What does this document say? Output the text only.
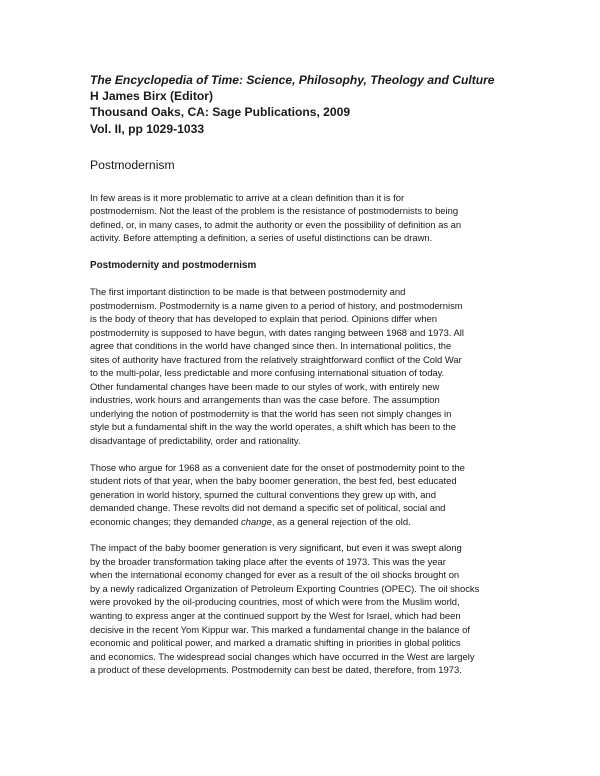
The Encyclopedia of Time: Science, Philosophy, Theology and Culture
H James Birx (Editor)
Thousand Oaks, CA: Sage Publications, 2009
Vol. II, pp 1029-1033
Postmodernism
In few areas is it more problematic to arrive at a clean definition than it is for
postmodernism. Not the least of the problem is the resistance of postmodernists to being
defined, or, in many cases, to admit the authority or even the possibility of definition as an
activity. Before attempting a definition, a series of useful distinctions can be drawn.
Postmodernity and postmodernism
The first important distinction to be made is that between postmodernity and
postmodernism. Postmodernity is a name given to a period of history, and postmodernism
is the body of theory that has developed to explain that period. Opinions differ when
postmodernity is supposed to have begun, with dates ranging between 1968 and 1973. All
agree that conditions in the world have changed since then. In international politics, the
sites of authority have fractured from the relatively straightforward conflict of the Cold War
to the multi-polar, less predictable and more confusing international situation of today.
Other fundamental changes have been made to our styles of work, with entirely new
industries, work hours and arrangements than was the case before. The assumption
underlying the notion of postmodernity is that the world has seen not simply changes in
style but a fundamental shift in the way the world operates, a shift which has been to the
disadvantage of predictability, order and rationality.
Those who argue for 1968 as a convenient date for the onset of postmodernity point to the
student riots of that year, when the baby boomer generation, the best fed, best educated
generation in world history, spurned the cultural conventions they grew up with, and
demanded change. These revolts did not demand a specific set of political, social and
economic changes; they demanded change, as a general rejection of the old.
The impact of the baby boomer generation is very significant, but even it was swept along
by the broader transformation taking place after the events of 1973. This was the year
when the international economy changed for ever as a result of the oil shocks brought on
by a newly radicalized Organization of Petroleum Exporting Countries (OPEC). The oil shocks
were provoked by the oil-producing countries, most of which were from the Muslim world,
wanting to express anger at the continued support by the West for Israel, which had been
decisive in the recent Yom Kippur war. This marked a fundamental change in the balance of
economic and political power, and marked a dramatic shifting in priorities in global politics
and economics. The widespread social changes which have occurred in the West are largely
a product of these developments. Postmodernity can best be dated, therefore, from 1973.
